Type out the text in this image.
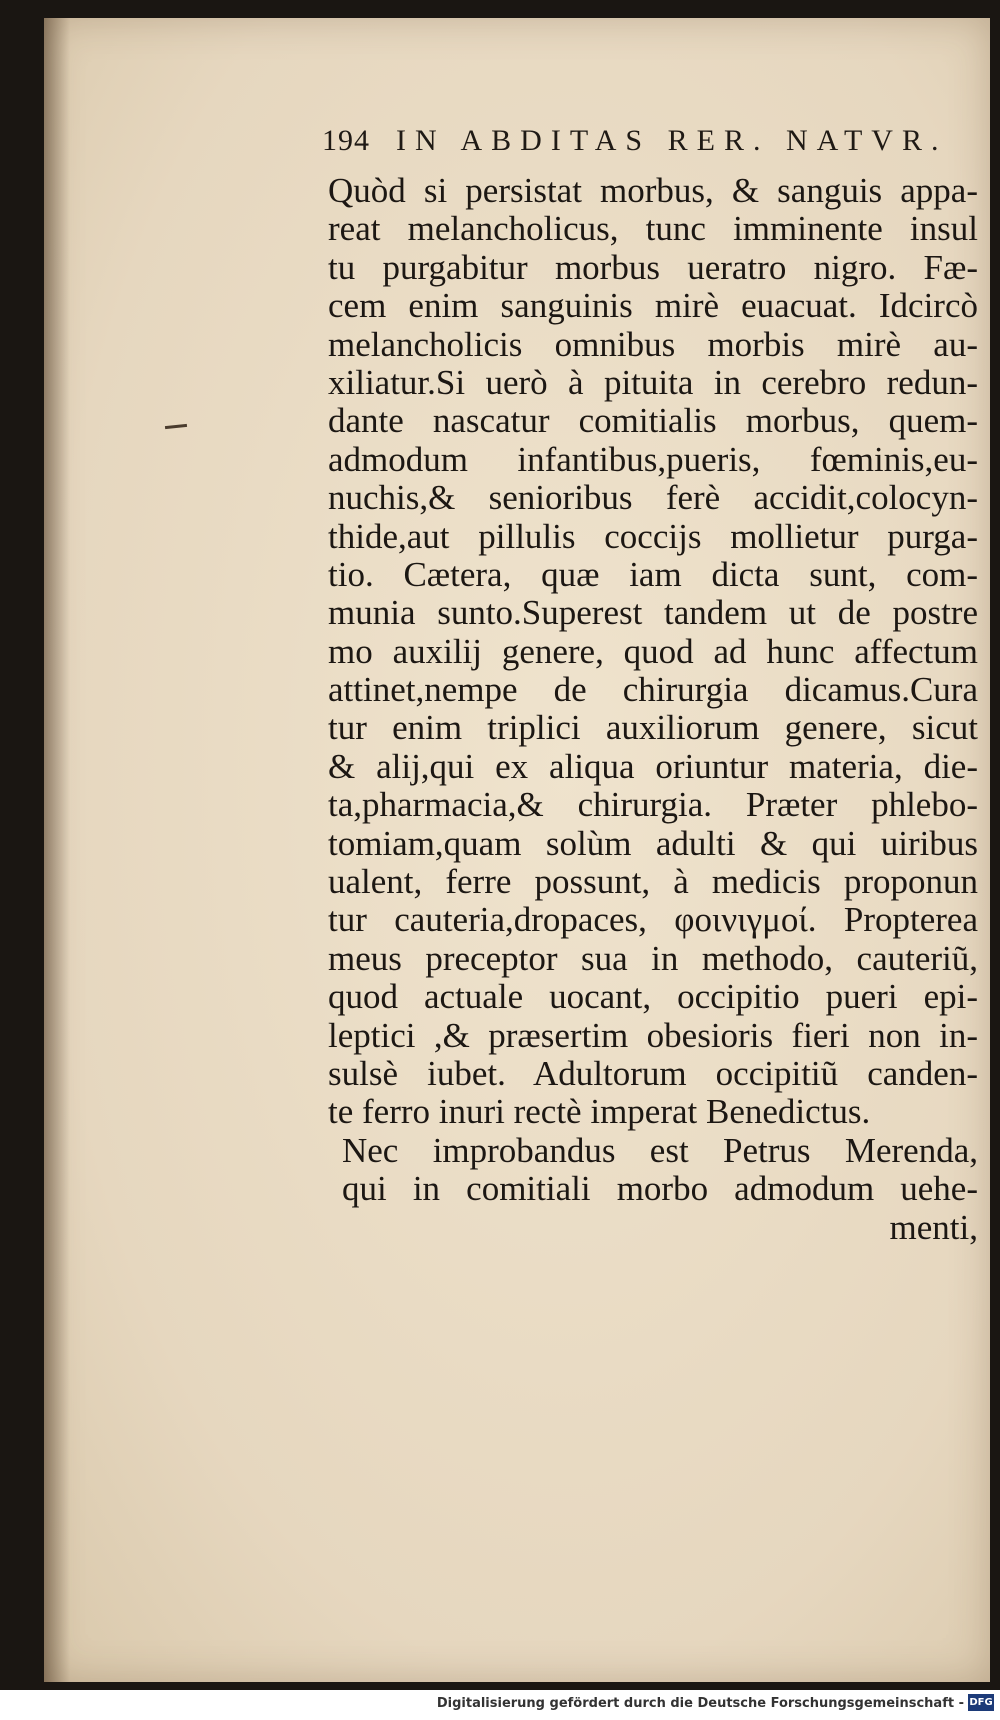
194 IN ABDITAS RER. NATVR.
Quòd si persistat morbus, & sanguis appa-
reat melancholicus, tunc imminente insul
tu purgabitur morbus ueratro nigro. Fæ-
cem enim sanguinis mirè euacuat. Idcircò
melancholicis omnibus morbis mirè au-
xiliatur.Si uerò à pituita in cerebro redun-
dante nascatur comitialis morbus, quem-
admodum infantibus,pueris, fœminis,eu-
nuchis,& senioribus ferè accidit,colocyn-
thide,aut pillulis coccijs mollietur purga-
tio. Cætera, quæ iam dicta sunt, com-
munia sunto.Superest tandem ut de postre
mo auxilij genere, quod ad hunc affectum
attinet,nempe de chirurgia dicamus.Cura
tur enim triplici auxiliorum genere, sicut
& alij,qui ex aliqua oriuntur materia, die-
ta,pharmacia,& chirurgia. Præter phlebo-
tomiam,quam solùm adulti & qui uiribus
ualent, ferre possunt, à medicis proponun
tur cauteria,dropaces, φοινιγμοί. Propterea
meus preceptor sua in methodo, cauteriũ,
quod actuale uocant, occipitio pueri epi-
leptici ,& præsertim obesioris fieri non in-
sulsè iubet. Adultorum occipitiũ canden-
te ferro inuri rectè imperat Benedictus.
Nec improbandus est Petrus Merenda,
qui in comitiali morbo admodum uehe-
menti,
Digitalisierung gefördert durch die Deutsche Forschungsgemeinschaft - DFG
